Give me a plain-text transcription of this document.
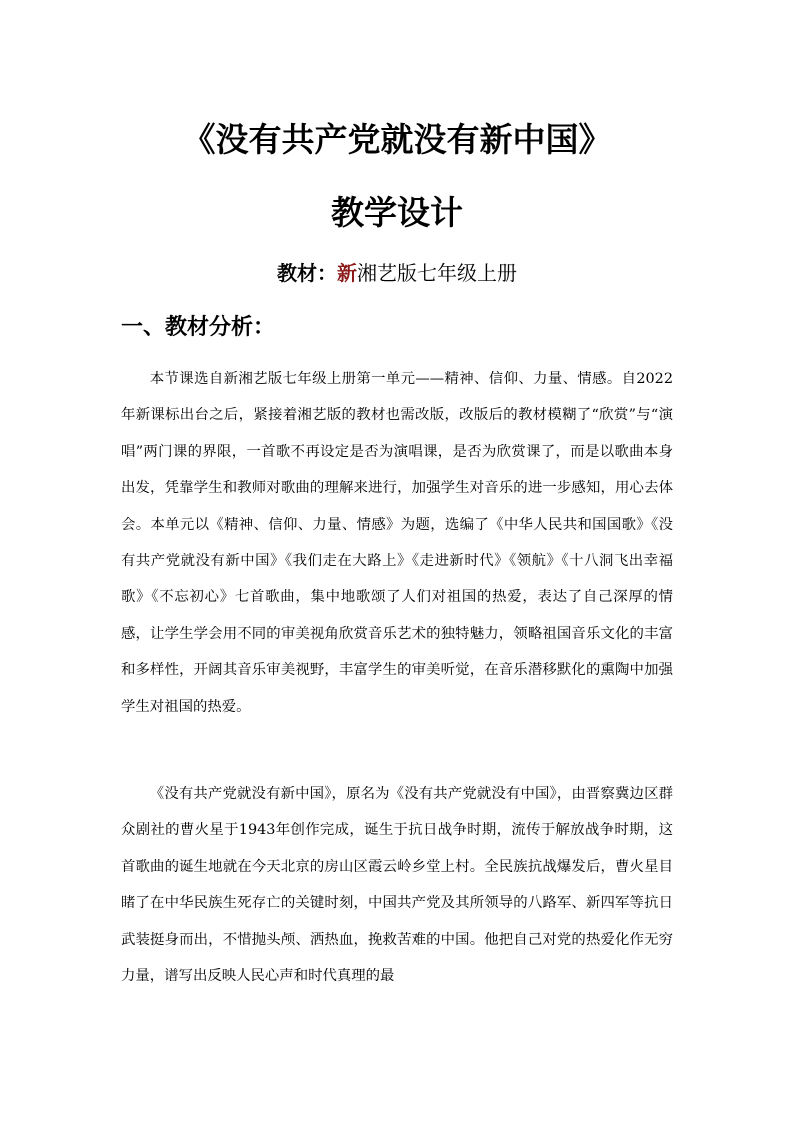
《没有共产党就没有新中国》
教学设计
教材：新湘艺版七年级上册
一、教材分析：

本节课选自新湘艺版七年级上册第一单元——精神、信仰、力量、情感。自2022年新课标出台之后，紧接着湘艺版的教材也需改版，改版后的教材模糊了“欣赏”与“演唱”两门课的界限，一首歌不再设定是否为演唱课，是否为欣赏课了，而是以歌曲本身出发，凭靠学生和教师对歌曲的理解来进行，加强学生对音乐的进一步感知，用心去体会。本单元以《精神、信仰、力量、情感》为题，选编了《中华人民共和国国歌》《没有共产党就没有新中国》《我们走在大路上》《走进新时代》《领航》《十八洞飞出幸福歌》《不忘初心》七首歌曲，集中地歌颂了人们对祖国的热爱，表达了自己深厚的情感，让学生学会用不同的审美视角欣赏音乐艺术的独特魅力，领略祖国音乐文化的丰富和多样性，开阔其音乐审美视野，丰富学生的审美听觉，在音乐潜移默化的熏陶中加强学生对祖国的热爱。

《没有共产党就没有新中国》，原名为《没有共产党就没有中国》，由晋察冀边区群众剧社的曹火星于1943年创作完成，诞生于抗日战争时期，流传于解放战争时期，这首歌曲的诞生地就在今天北京的房山区霞云岭乡堂上村。全民族抗战爆发后，曹火星目睹了在中华民族生死存亡的关键时刻，中国共产党及其所领导的八路军、新四军等抗日武装挺身而出，不惜抛头颅、洒热血，挽救苦难的中国。他把自己对党的热爱化作无穷力量，谱写出反映人民心声和时代真理的最
